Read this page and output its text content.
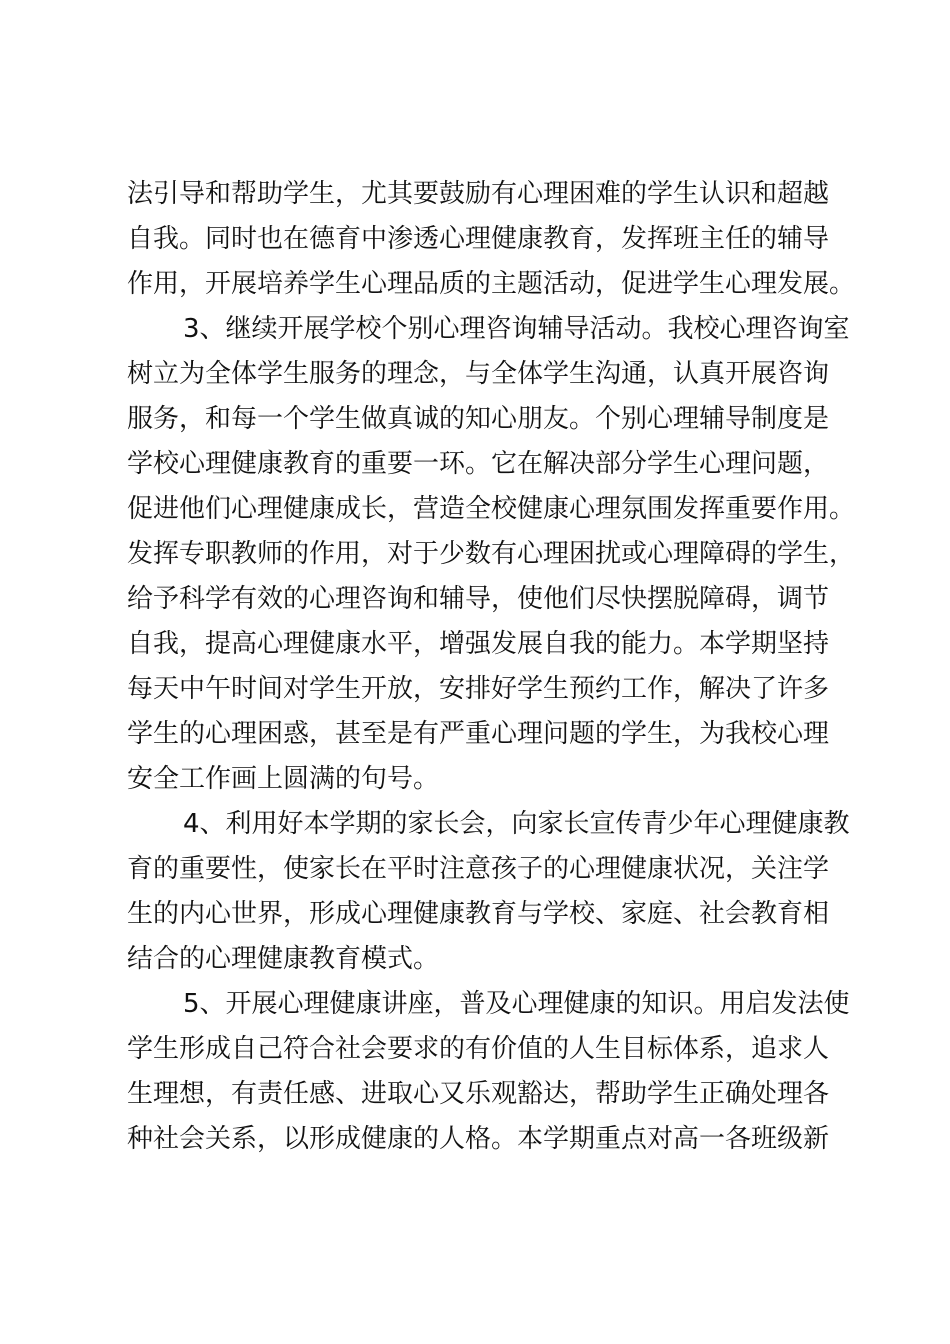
法引导和帮助学生，尤其要鼓励有心理困难的学生认识和超越
自我。同时也在德育中渗透心理健康教育，发挥班主任的辅导
作用，开展培养学生心理品质的主题活动，促进学生心理发展。
3、继续开展学校个别心理咨询辅导活动。我校心理咨询室
树立为全体学生服务的理念，与全体学生沟通，认真开展咨询
服务，和每一个学生做真诚的知心朋友。个别心理辅导制度是
学校心理健康教育的重要一环。它在解决部分学生心理问题，
促进他们心理健康成长，营造全校健康心理氛围发挥重要作用。
发挥专职教师的作用，对于少数有心理困扰或心理障碍的学生，
给予科学有效的心理咨询和辅导，使他们尽快摆脱障碍，调节
自我，提高心理健康水平，增强发展自我的能力。本学期坚持
每天中午时间对学生开放，安排好学生预约工作，解决了许多
学生的心理困惑，甚至是有严重心理问题的学生，为我校心理
安全工作画上圆满的句号。
4、利用好本学期的家长会，向家长宣传青少年心理健康教
育的重要性，使家长在平时注意孩子的心理健康状况，关注学
生的内心世界，形成心理健康教育与学校、家庭、社会教育相
结合的心理健康教育模式。
5、开展心理健康讲座，普及心理健康的知识。用启发法使
学生形成自己符合社会要求的有价值的人生目标体系，追求人
生理想，有责任感、进取心又乐观豁达，帮助学生正确处理各
种社会关系，以形成健康的人格。本学期重点对高一各班级新
